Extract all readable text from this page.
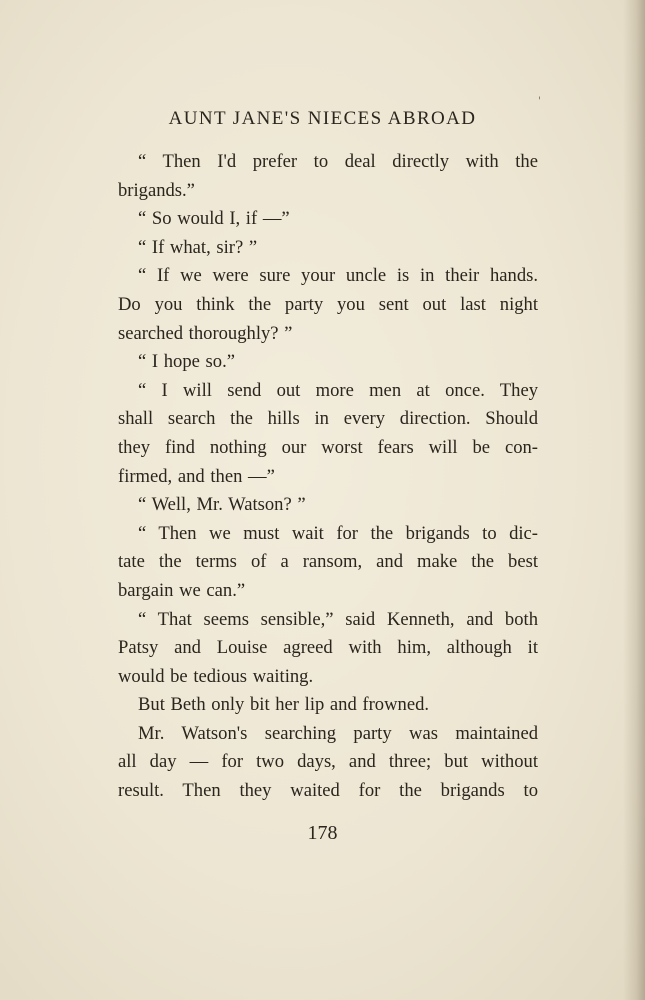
'
AUNT JANE'S NIECES ABROAD
“ Then I'd prefer to deal directly with the
brigands.”
“ So would I, if —”
“ If what, sir? ”
“ If we were sure your uncle is in their hands.
Do you think the party you sent out last night
searched thoroughly? ”
“ I hope so.”
“ I will send out more men at once. They
shall search the hills in every direction. Should
they find nothing our worst fears will be con-
firmed, and then —”
“ Well, Mr. Watson? ”
“ Then we must wait for the brigands to dic-
tate the terms of a ransom, and make the best
bargain we can.”
“ That seems sensible,” said Kenneth, and both
Patsy and Louise agreed with him, although it
would be tedious waiting.
But Beth only bit her lip and frowned.
Mr. Watson's searching party was maintained
all day — for two days, and three; but without
result. Then they waited for the brigands to
178
